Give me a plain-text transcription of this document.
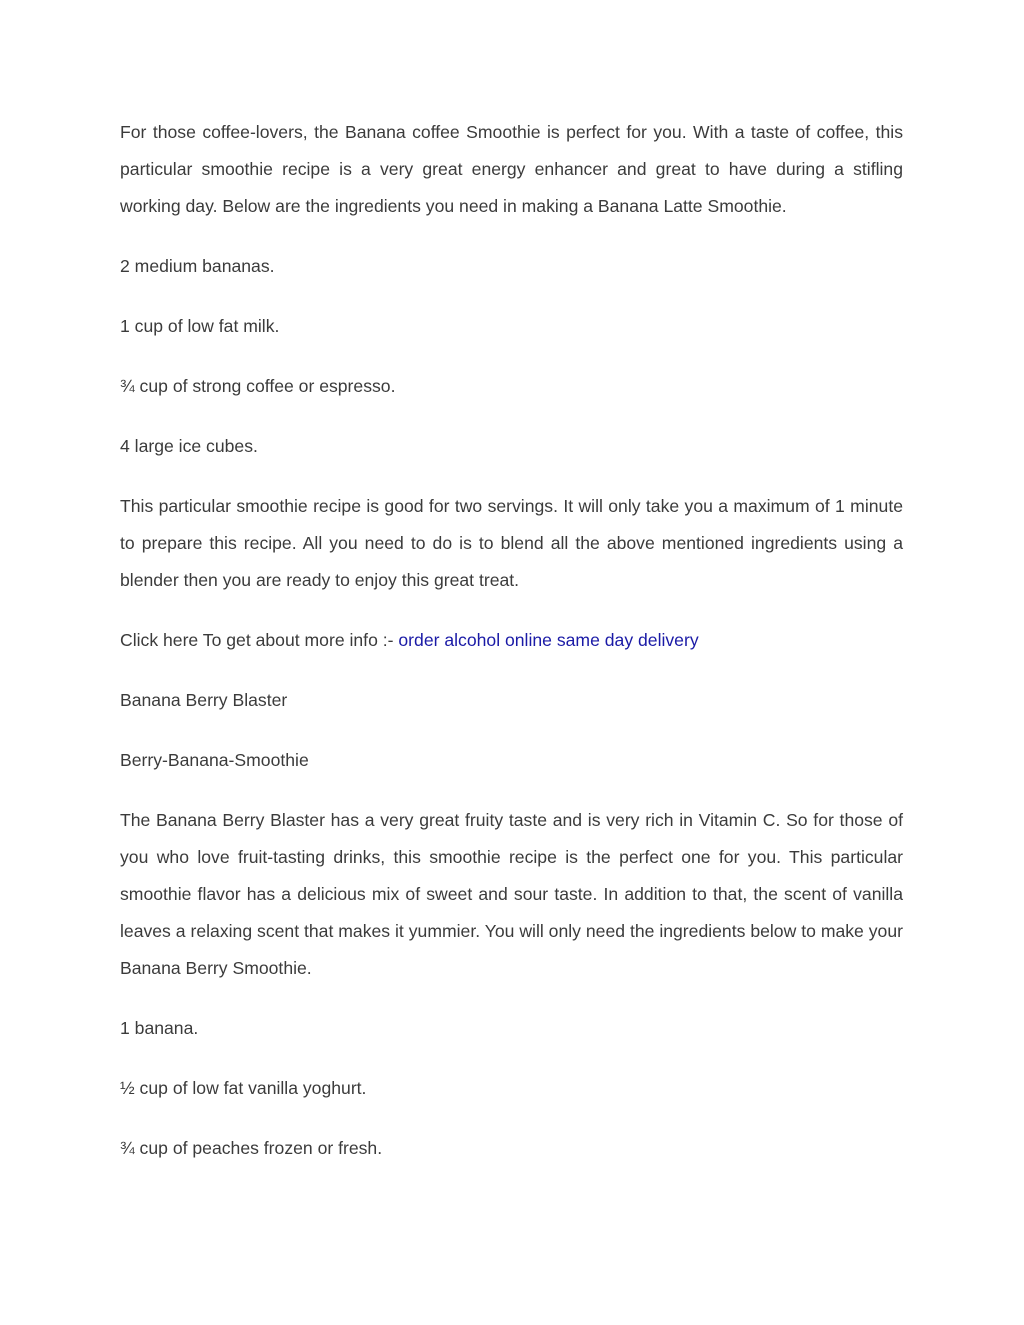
For those coffee-lovers, the Banana coffee Smoothie is perfect for you. With a taste of coffee, this particular smoothie recipe is a very great energy enhancer and great to have during a stifling working day. Below are the ingredients you need in making a Banana Latte Smoothie.

2 medium bananas.

1 cup of low fat milk.

¾ cup of strong coffee or espresso.

4 large ice cubes.

This particular smoothie recipe is good for two servings. It will only take you a maximum of 1 minute to prepare this recipe. All you need to do is to blend all the above mentioned ingredients using a blender then you are ready to enjoy this great treat.

Click here To get about more info :- order alcohol online same day delivery

Banana Berry Blaster

Berry-Banana-Smoothie

The Banana Berry Blaster has a very great fruity taste and is very rich in Vitamin C. So for those of you who love fruit-tasting drinks, this smoothie recipe is the perfect one for you. This particular smoothie flavor has a delicious mix of sweet and sour taste. In addition to that, the scent of vanilla leaves a relaxing scent that makes it yummier. You will only need the ingredients below to make your Banana Berry Smoothie.

1 banana.

½ cup of low fat vanilla yoghurt.

¾ cup of peaches frozen or fresh.
